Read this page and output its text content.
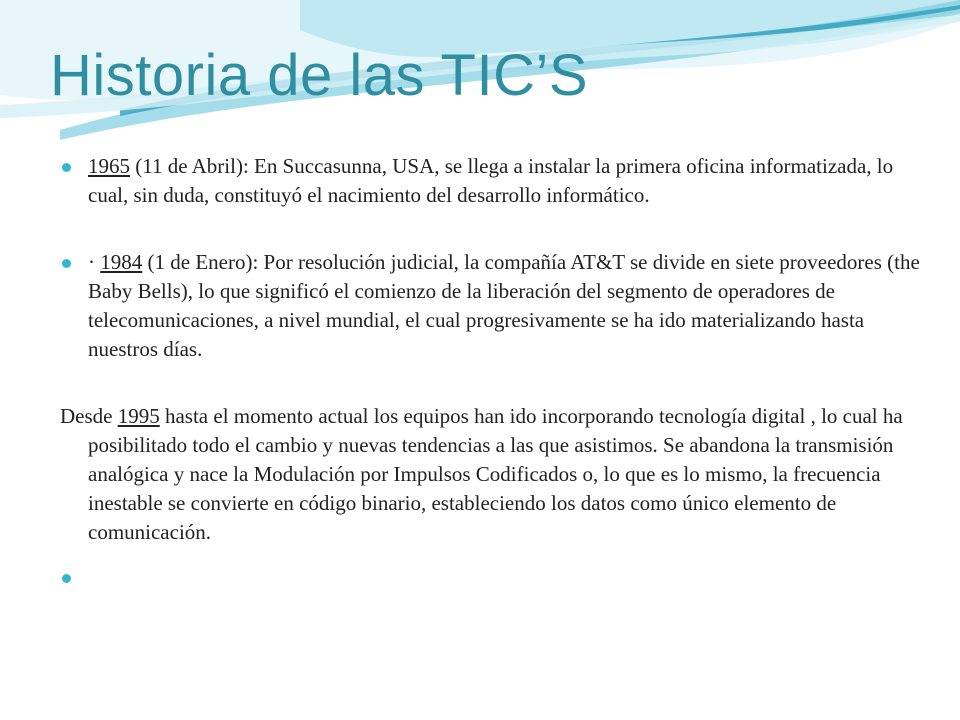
Historia de las TIC’S

1965 (11 de Abril): En Succasunna, USA, se llega a instalar la primera oficina informatizada, lo cual, sin duda, constituyó el nacimiento del desarrollo informático.

· 1984 (1 de Enero): Por resolución judicial, la compañía AT&T se divide en siete proveedores (the Baby Bells), lo que significó el comienzo de la liberación del segmento de operadores de telecomunicaciones, a nivel mundial, el cual progresivamente se ha ido materializando hasta nuestros días.

Desde 1995 hasta el momento actual los equipos han ido incorporando tecnología digital , lo cual ha posibilitado todo el cambio y nuevas tendencias a las que asistimos. Se abandona la transmisión analógica y nace la Modulación por Impulsos Codificados o, lo que es lo mismo, la frecuencia inestable se convierte en código binario, estableciendo los datos como único elemento de comunicación.
